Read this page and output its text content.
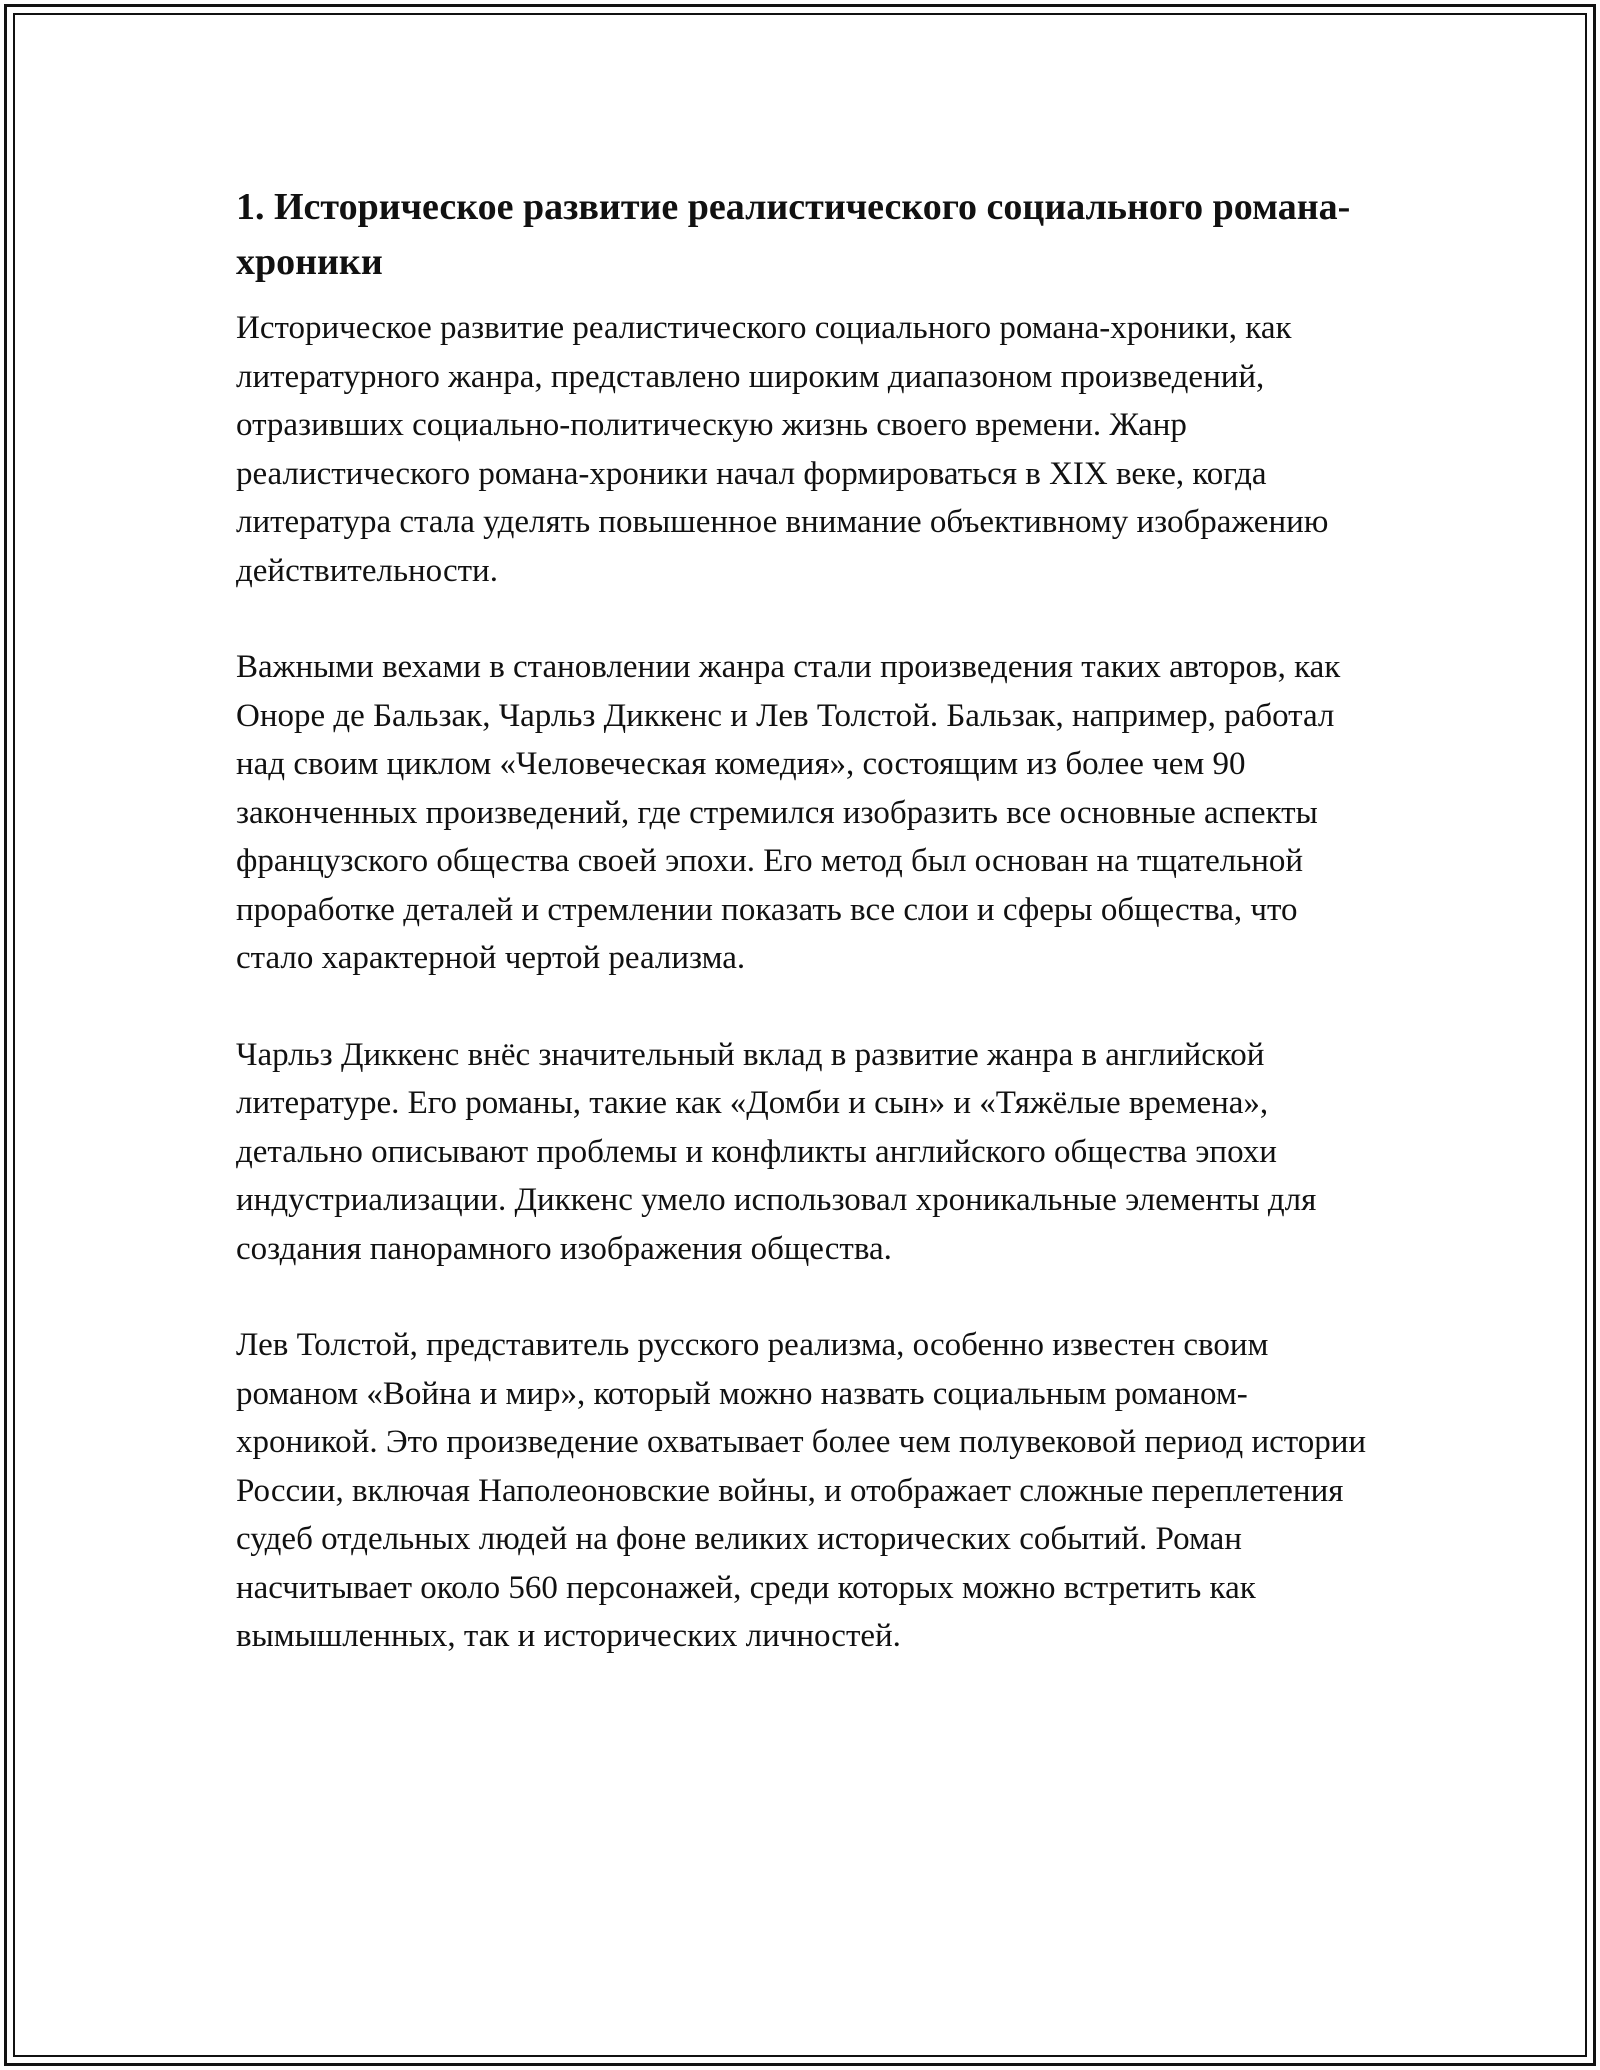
1. Историческое развитие реалистического социального романа-хроники

Историческое развитие реалистического социального романа-хроники, как литературного жанра, представлено широким диапазоном произведений, отразивших социально-политическую жизнь своего времени. Жанр реалистического романа-хроники начал формироваться в XIX веке, когда литература стала уделять повышенное внимание объективному изображению действительности.

Важными вехами в становлении жанра стали произведения таких авторов, как Оноре де Бальзак, Чарльз Диккенс и Лев Толстой. Бальзак, например, работал над своим циклом «Человеческая комедия», состоящим из более чем 90 законченных произведений, где стремился изобразить все основные аспекты французского общества своей эпохи. Его метод был основан на тщательной проработке деталей и стремлении показать все слои и сферы общества, что стало характерной чертой реализма.

Чарльз Диккенс внёс значительный вклад в развитие жанра в английской литературе. Его романы, такие как «Домби и сын» и «Тяжёлые времена», детально описывают проблемы и конфликты английского общества эпохи индустриализации. Диккенс умело использовал хроникальные элементы для создания панорамного изображения общества.

Лев Толстой, представитель русского реализма, особенно известен своим романом «Война и мир», который можно назвать социальным романом-хроникой. Это произведение охватывает более чем полувековой период истории России, включая Наполеоновские войны, и отображает сложные переплетения судеб отдельных людей на фоне великих исторических событий. Роман насчитывает около 560 персонажей, среди которых можно встретить как вымышленных, так и исторических личностей.
